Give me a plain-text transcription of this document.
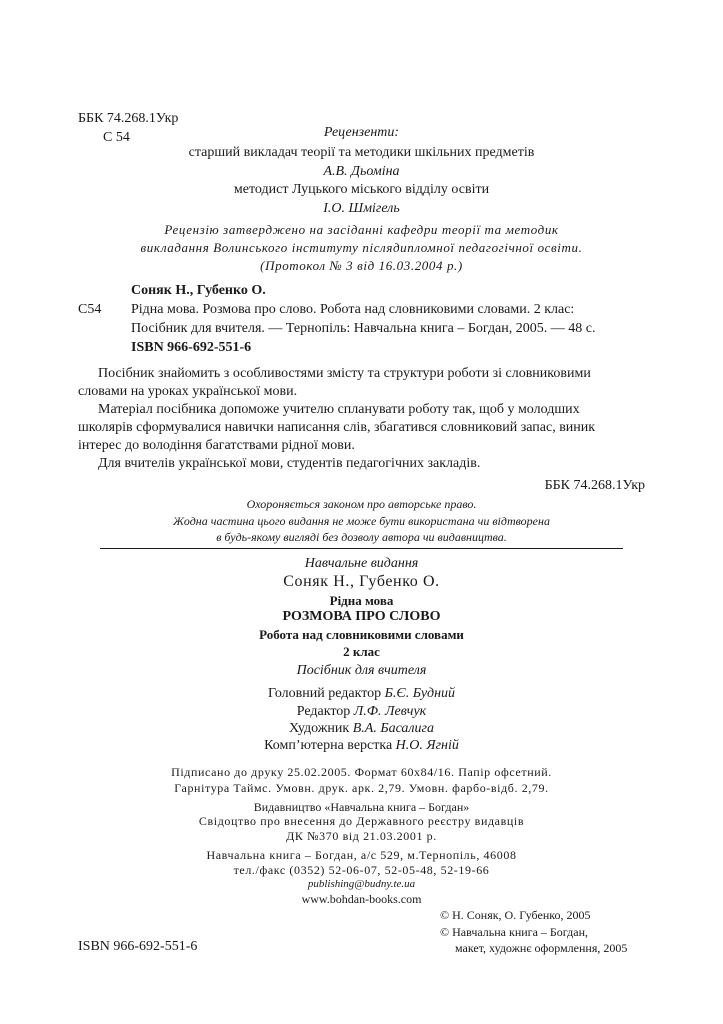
ББК 74.268.1Укр
С 54	Рецензенти:
старший викладач теорії та методики шкільних предметів
А.В. Дьоміна
методист Луцького міського відділу освіти
І.О. Шмігель
Рецензію затверджено на засіданні кафедри теорії та методик
викладання Волинського інституту післядипломної педагогічної освіти.
(Протокол № 3 від 16.03.2004 р.)
Соняк Н., Губенко О.
С54 Рідна мова. Розмова про слово. Робота над словниковими словами. 2 клас:
Посібник для вчителя. — Тернопіль: Навчальна книга – Богдан, 2005. — 48 с.
ISBN 966-692-551-6
Посібник знайомить з особливостями змісту та структури роботи зі словниковими
словами на уроках української мови.
Матеріал посібника допоможе учителю спланувати роботу так, щоб у молодших
школярів сформувалися навички написання слів, збагатився словниковий запас, виник
інтерес до володіння багатствами рідної мови.
Для вчителів української мови, студентів педагогічних закладів.
ББК 74.268.1Укр
Охороняється законом про авторське право.
Жодна частина цього видання не може бути використана чи відтворена
в будь-якому вигляді без дозволу автора чи видавництва.
Навчальне видання
Соняк Н., Губенко О.
Рідна мова
РОЗМОВА ПРО СЛОВО
Робота над словниковими словами
2 клас
Посібник для вчителя
Головний редактор Б.Є. Будний
Редактор Л.Ф. Левчук
Художник В.А. Басалига
Комп’ютерна верстка Н.О. Ягній
Підписано до друку 25.02.2005. Формат 60х84/16. Папір офсетний.
Гарнітура Таймс. Умовн. друк. арк. 2,79. Умовн. фарбо-відб. 2,79.
Видавництво «Навчальна книга – Богдан»
Свідоцтво про внесення до Державного реєстру видавців
ДК №370 від 21.03.2001 р.
Навчальна книга – Богдан, а/с 529, м.Тернопіль, 46008
тел./факс (0352) 52-06-07, 52-05-48, 52-19-66
publishing@budny.te.ua
www.bohdan-books.com
© Н. Соняк, О. Губенко, 2005
© Навчальна книга – Богдан,
ISBN 966-692-551-6	макет, художнє оформлення, 2005
